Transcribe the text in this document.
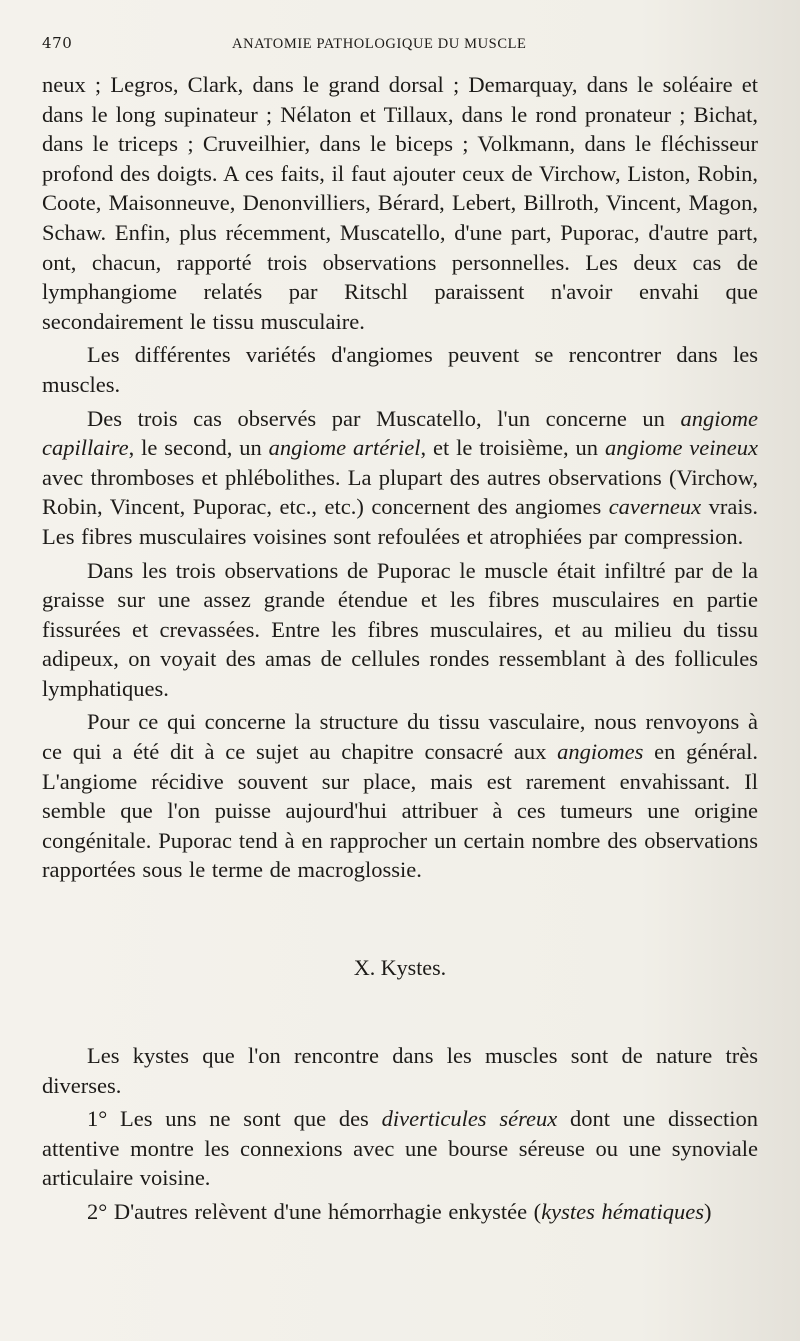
470	ANATOMIE PATHOLOGIQUE DU MUSCLE

neux ; Legros, Clark, dans le grand dorsal ; Demarquay, dans le soléaire et dans le long supinateur ; Nélaton et Tillaux, dans le rond pronateur ; Bichat, dans le triceps ; Cruveilhier, dans le biceps ; Volkmann, dans le fléchisseur profond des doigts. A ces faits, il faut ajouter ceux de Virchow, Liston, Robin, Coote, Maisonneuve, Denonvilliers, Bérard, Lebert, Billroth, Vincent, Magon, Schaw. Enfin, plus récemment, Muscatello, d'une part, Puporac, d'autre part, ont, chacun, rapporté trois observations personnelles. Les deux cas de lymphangiome relatés par Ritschl paraissent n'avoir envahi que secondairement le tissu musculaire.

Les différentes variétés d'angiomes peuvent se rencontrer dans les muscles.

Des trois cas observés par Muscatello, l'un concerne un angiome capillaire, le second, un angiome artériel, et le troisième, un angiome veineux avec thromboses et phlébolithes. La plupart des autres observations (Virchow, Robin, Vincent, Puporac, etc., etc.) concernent des angiomes caverneux vrais. Les fibres musculaires voisines sont refoulées et atrophiées par compression.

Dans les trois observations de Puporac le muscle était infiltré par de la graisse sur une assez grande étendue et les fibres musculaires en partie fissurées et crevassées. Entre les fibres musculaires, et au milieu du tissu adipeux, on voyait des amas de cellules rondes ressemblant à des follicules lymphatiques.

Pour ce qui concerne la structure du tissu vasculaire, nous renvoyons à ce qui a été dit à ce sujet au chapitre consacré aux angiomes en général. L'angiome récidive souvent sur place, mais est rarement envahissant. Il semble que l'on puisse aujourd'hui attribuer à ces tumeurs une origine congénitale. Puporac tend à en rapprocher un certain nombre des observations rapportées sous le terme de macroglossie.

X. Kystes.

Les kystes que l'on rencontre dans les muscles sont de nature très diverses.

1° Les uns ne sont que des diverticules séreux dont une dissection attentive montre les connexions avec une bourse séreuse ou une synoviale articulaire voisine.

2° D'autres relèvent d'une hémorrhagie enkystée (kystes hématiques)
